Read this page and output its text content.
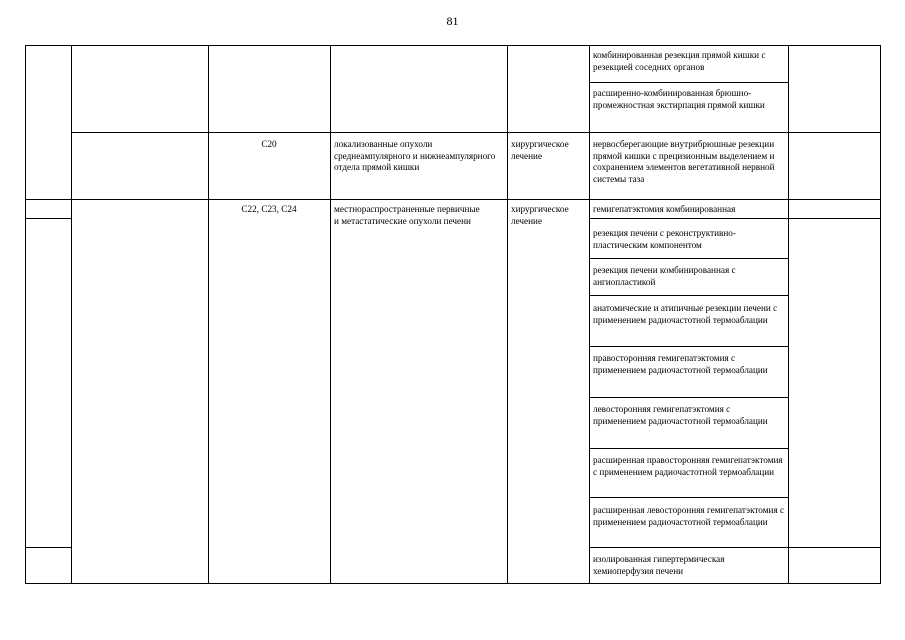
81
комбинированная резекция прямой кишки с резекцией соседних органов
расширенно-комбинированная брюшно-промежностная экстирпация прямой кишки
C20	локализованные опухоли среднеампулярного и нижнеампулярного отдела прямой кишки
хирургическое лечение
нервосберегающие внутрибрюшные резекции прямой кишки с прецизионным выделением и сохранением элементов вегетативной нервной системы таза
C22, C23, C24	местнораспространенные первичные и метастатические опухоли печени
хирургическое лечение
гемигепатэктомия комбинированная
резекция печени с реконструктивно-пластическим компонентом
резекция печени комбинированная с ангиопластикой
анатомические и атипичные резекции печени с применением радиочастотной термоаблации
правосторонняя гемигепатэктомия с применением радиочастотной термоаблации
левосторонняя гемигепатэктомия с применением радиочастотной термоаблации
расширенная правосторонняя гемигепатэктомия с применением радиочастотной термоаблации
расширенная левосторонняя гемигепатэктомия с применением радиочастотной термоаблации
изолированная гипертермическая хемиоперфузия печени
